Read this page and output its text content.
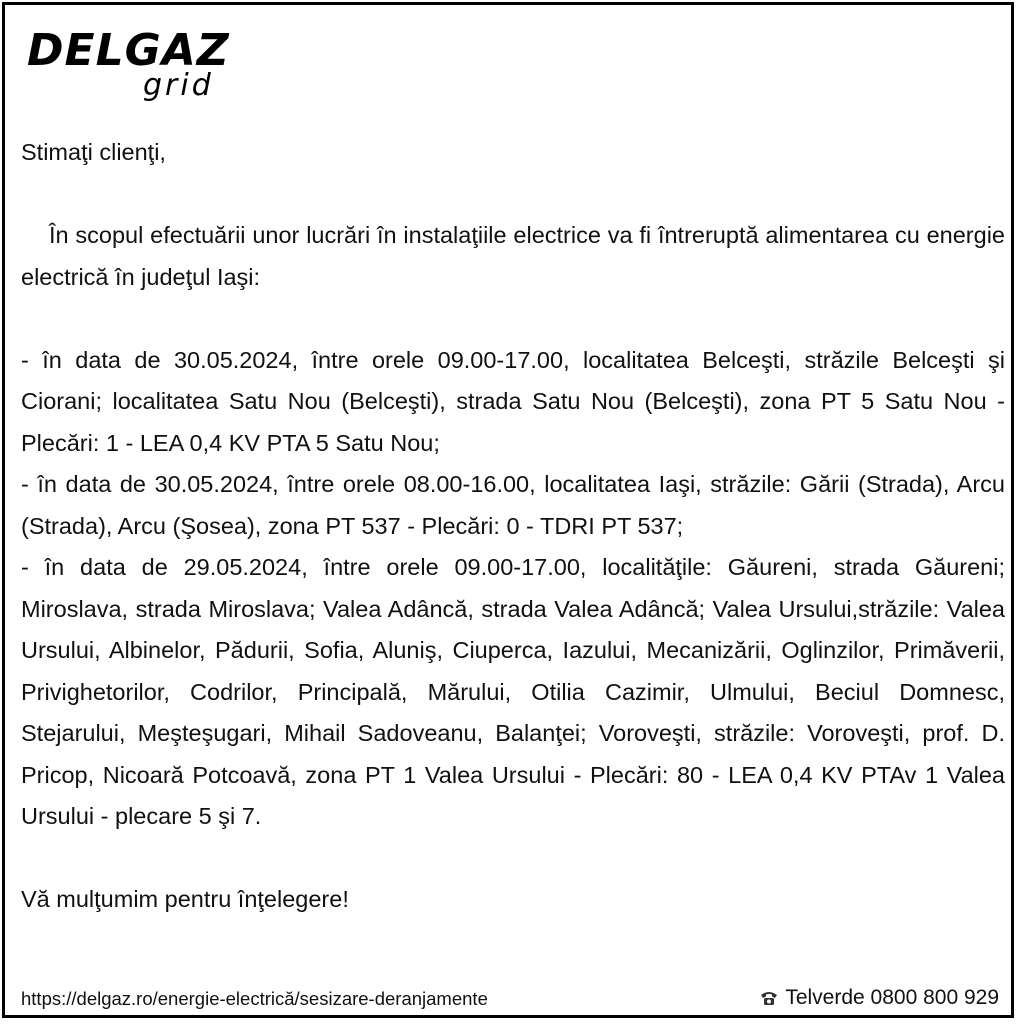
DELGAZ
grid

Stimaţi clienţi,

În scopul efectuării unor lucrări în instalaţiile electrice va fi întreruptă alimentarea cu energie electrică în judeţul Iaşi:

- în data de 30.05.2024, între orele 09.00-17.00, localitatea Belceşti, străzile Belceşti şi Ciorani; localitatea Satu Nou (Belceşti), strada Satu Nou (Belceşti), zona PT 5 Satu Nou - Plecări: 1 - LEA 0,4 KV PTA 5 Satu Nou;

- în data de 30.05.2024, între orele 08.00-16.00, localitatea Iaşi, străzile: Gării (Strada), Arcu (Strada), Arcu (Şosea), zona PT 537 - Plecări: 0 - TDRI PT 537;

- în data de 29.05.2024, între orele 09.00-17.00, localităţile: Găureni, strada Găureni; Miroslava, strada Miroslava; Valea Adâncă, strada Valea Adâncă; Valea Ursului,străzile: Valea Ursului, Albinelor, Pădurii, Sofia, Aluniş, Ciuperca, Iazului, Mecanizării, Oglinzilor, Primăverii, Privighetorilor, Codrilor, Principală, Mărului, Otilia Cazimir, Ulmului, Beciul Domnesc, Stejarului, Meşteşugari, Mihail Sadoveanu, Balanţei; Voroveşti, străzile: Voroveşti, prof. D. Pricop, Nicoară Potcoavă, zona PT 1 Valea Ursului - Plecări: 80 - LEA 0,4 KV PTAv 1 Valea Ursului - plecare 5 şi 7.

Vă mulţumim pentru înţelegere!

https://delgaz.ro/energie-electrică/sesizare-deranjamente	Telverde 0800 800 929
